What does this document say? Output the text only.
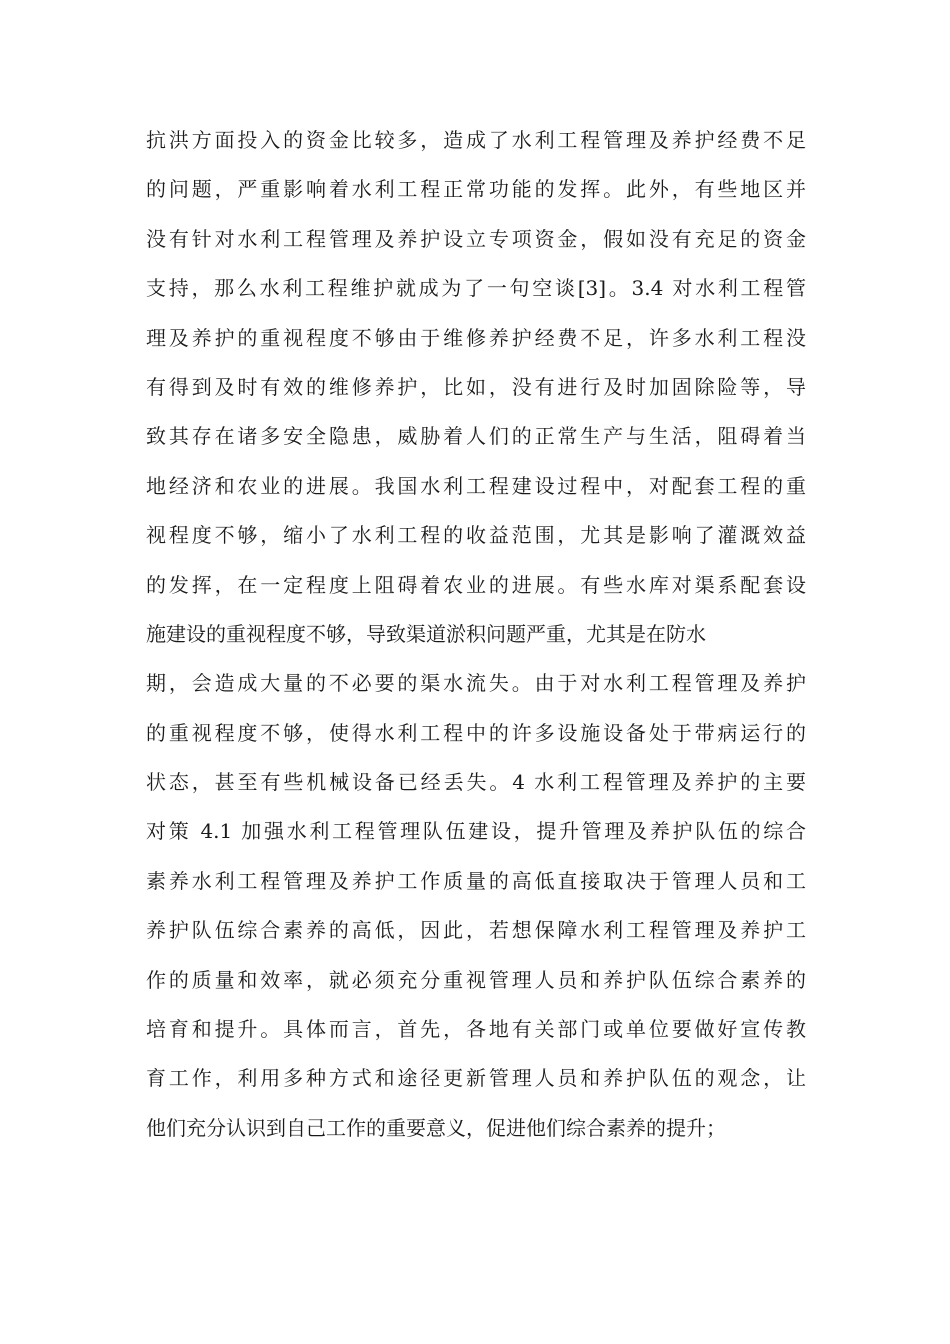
抗洪方面投入的资金比较多，造成了水利工程管理及养护经费不足
的问题，严重影响着水利工程正常功能的发挥。此外，有些地区并
没有针对水利工程管理及养护设立专项资金，假如没有充足的资金
支持，那么水利工程维护就成为了一句空谈[3]。3.4 对水利工程管
理及养护的重视程度不够由于维修养护经费不足，许多水利工程没
有得到及时有效的维修养护，比如，没有进行及时加固除险等，导
致其存在诸多安全隐患，威胁着人们的正常生产与生活，阻碍着当
地经济和农业的进展。我国水利工程建设过程中，对配套工程的重
视程度不够，缩小了水利工程的收益范围，尤其是影响了灌溉效益
的发挥，在一定程度上阻碍着农业的进展。有些水库对渠系配套设
施建设的重视程度不够，导致渠道淤积问题严重，尤其是在防水
期，会造成大量的不必要的渠水流失。由于对水利工程管理及养护
的重视程度不够，使得水利工程中的许多设施设备处于带病运行的
状态，甚至有些机械设备已经丢失。4 水利工程管理及养护的主要
对策 4.1 加强水利工程管理队伍建设，提升管理及养护队伍的综合
素养水利工程管理及养护工作质量的高低直接取决于管理人员和工
养护队伍综合素养的高低，因此，若想保障水利工程管理及养护工
作的质量和效率，就必须充分重视管理人员和养护队伍综合素养的
培育和提升。具体而言，首先，各地有关部门或单位要做好宣传教
育工作，利用多种方式和途径更新管理人员和养护队伍的观念，让
他们充分认识到自己工作的重要意义，促进他们综合素养的提升；
